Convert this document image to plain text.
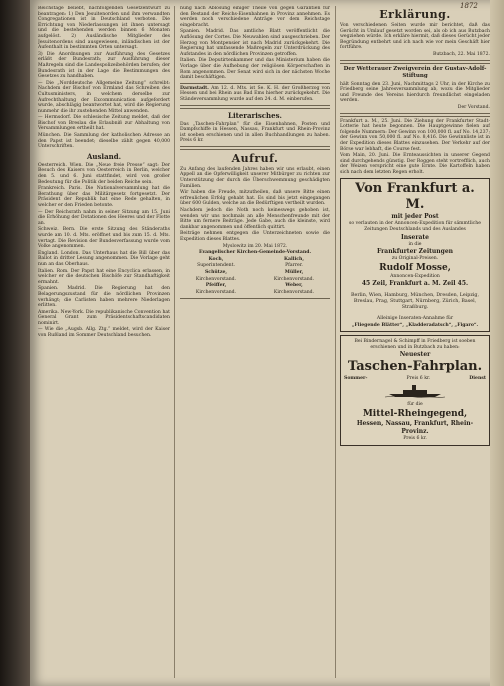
1872

Reichstage beliebt, nachfolgenden Gesetzentwurf zu beantragen: 1) Den Jesuitenorden und ihm verwandten Congregationen ist in Deutschland verboten. Die Errichtung von Niederlassungen ist ihnen untersagt und die bestehenden werden binnen 6 Monaten aufgelöst. 2) Ausländische Mitglieder des Jesuitenordens sind ausgewiesen, inländischen ist der Aufenthalt in bestimmten Orten untersagt.

3) Die Anordnungen zur Ausführung des Gesetzes erläßt der Bundesrath; zur Ausführung dieser Maßregeln sind die Landespolizeibehörden berufen; der Bundesrath ist in der Lage die Bestimmungen des Gesetzes zu handhaben.

— Die „Norddeutsche Allgemeine Zeitung“ schreibt: Nachdem der Bischof von Ermland das Schreiben des Cultusministers, in welchem derselbe zur Aufrechthaltung der Excommunication aufgefordert wurde, abschlägig beantwortet hat, wird die Regierung nunmehr die ihr zustehenden Mittel anwenden.

— Hermsdorf. Die schlesische Zeitung meldet, daß der Bischof von Breslau die Erlaubniß zur Abhaltung von Versammlungen ertheilt hat.

München. Die Sammlung der katholischen Adresse an den Papst ist beendet; dieselbe zählt gegen 40,000 Unterschriften.

Ausland.

Oesterreich. Wien. Die „Neue freie Presse“ sagt: Der Besuch des Kaisers von Oesterreich in Berlin, welcher den 5. und 6. Juni stattfindet, wird von großer Bedeutung für die Politik der beiden Reiche sein.

Frankreich. Paris. Die Nationalversammlung hat die Berathung über das Militärgesetz fortgesetzt. Der Präsident der Republik hat eine Rede gehalten, in welcher er den Frieden betonte.

— Der Reichsrath nahm in seiner Sitzung am 15. Juni die Erhöhung der Dotationen des Heeres und der Flotte an.

Schweiz. Bern. Die erste Sitzung des Ständeraths wurde am 10. d. Mts. eröffnet und bis zum 15. d. Mts. vertagt. Die Revision der Bundesverfassung wurde vom Volke angenommen.

England. London. Das Unterhaus hat die Bill über das Ballot in dritter Lesung angenommen. Die Vorlage geht nun an das Oberhaus.

Italien. Rom. Der Papst hat eine Encyclica erlassen, in welcher er die deutschen Bischöfe zur Standhaftigkeit ermahnt.

Spanien. Madrid. Die Regierung hat den Belagerungszustand für die nördlichen Provinzen verhängt; die Carlisten haben mehrere Niederlagen erlitten.

Amerika. New-York. Die republikanische Convention hat General Grant zum Präsidentschaftscandidaten nominirt.

— Wie die „Augsb. Allg. Ztg.“ meldet, wird der Kaiser von Rußland im Sommer Deutschland besuchen.

nung nach Ablösung einiger Theile von gegen Garantien für den Bestand der Reichs-Eisenbahnen in Provinz annehmen. Es werden noch verschiedene Anträge vor dem Reichstage eingebracht.

Spanien. Madrid. Das amtliche Blatt veröffentlicht die Auflösung der Cortes. Die Neuwahlen sind ausgeschrieben. Der Herzog von Montpensier ist nach Madrid zurückgekehrt. Die Regierung hat umfassende Maßregeln zur Unterdrückung des Aufstandes in den nördlichen Provinzen getroffen.

Italien. Die Deputirtenkammer und das Ministerium haben die Vorlage über die Aufhebung der religiösen Körperschaften in Rom angenommen. Der Senat wird sich in der nächsten Woche damit beschäftigen.

Darmstadt. Am 12. d. Mts. ist Se. K. H. der Großherzog von Hessen und bei Rhein aus Bad Ems hierher zurückgekehrt. Die Ständeversammlung wurde auf den 24. d. M. einberufen.

Literarisches.

Das „Taschen-Fahrplan“ für die Eisenbahnen, Posten und Dampfschiffe in Hessen, Nassau, Frankfurt und Rhein-Provinz ist soeben erschienen und in allen Buchhandlungen zu haben. Preis 6 kr.

Aufruf.

Zu Anfang des laufenden Jahres haben wir uns erlaubt, einen Appell an die Opferwilligkeit unserer Mitbürger zu richten zur Unterstützung der durch die Überschwemmung geschädigten Familien.

Wir haben die Freude, mitzutheilen, daß unsere Bitte einen erfreulichen Erfolg gehabt hat. Es sind bis jetzt eingegangen über 600 Gulden, welche an die Bedürftigen vertheilt wurden.

Nachdem jedoch die Noth noch keineswegs gehoben ist, wenden wir uns nochmals an alle Menschenfreunde mit der Bitte um fernere Beiträge. Jede Gabe, auch die kleinste, wird dankbar angenommen und öffentlich quittirt.

Beiträge nehmen entgegen die Unterzeichneten sowie die Expedition dieses Blattes.

Myslowitz im 20. Mai 1872.

Evangelischer Kirchen-Gemeinde-Vorstand.

Koch,
Superintendent.
Schütze,
Kirchenvorstand.
Pfeiffer,
Kirchenvorstand.
Kallich,
Pfarrer.
Müller,
Kirchenvorstand.
Weber,
Kirchenvorstand.
Erklärung.

Von verschiedenen Seiten wurde mir berichtet, daß das Gerücht in Umlauf gesetzt worden sei, als ob ich aus Butzbach wegziehen würde. Ich erkläre hiermit, daß dieses Gerücht jeder Begründung entbehrt und ich nach wie vor mein Geschäft hier fortführe.

Butzbach, 22. Mai 1872.

Der Wetterauer Zweigverein der Gustav-Adolf-Stiftung

hält Sonntag den 23. Juni, Nachmittags 2 Uhr, in der Kirche zu Friedberg seine Jahresversammlung ab, wozu die Mitglieder und Freunde des Vereins hierdurch freundlichst eingeladen werden.

Der Vorstand.

Frankfurt a. M., 25. Juni. Die Ziehung der Frankfurter Stadt-Lotterie hat heute begonnen. Die Hauptgewinne fielen auf folgende Nummern: Der Gewinn von 100,000 fl. auf No. 14,237; der Gewinn von 50,000 fl. auf No. 8,416. Die Gewinnliste ist in der Expedition dieses Blattes einzusehen. Der Verkehr auf der Börse war lebhaft, die Course fest.

Vom Main, 20. Juni. Die Ernteaussichten in unserer Gegend sind durchgehends günstig. Der Roggen steht vortrefflich, auch der Weizen verspricht eine gute Ernte. Die Kartoffeln haben sich nach dem letzten Regen erholt.

Von Frankfurt a. M.
mit jeder Post

so verlauten in der Annoncen-Expedition für sämmtliche Zeitungen Deutschlands und des Auslandes

Inserate

in die

Frankfurter Zeitungen

zu Original-Preisen.

Rudolf Mosse,

Annoncen-Expedition

45 Zeil, Frankfurt a. M. Zeil 45.

Berlin, Wien, Hamburg, München, Dresden, Leipzig, Breslau, Prag, Stuttgart, Nürnberg, Zürich, Basel, Straßburg.

Alleinige Inseraten-Annahme für

„Fliegende Blätter“, „Kladderadatsch“, „Figaro“.

Bei Bindernagel & Schimpff in Friedberg ist soeben erschienen und in Butzbach zu haben:

Neuester
Taschen-Fahrplan.
Sommer-	Preis 6 kr.	Dienst

für die

Mittel-Rheingegend,
Hessen, Nassau, Frankfurt, Rhein-Provinz.

Preis 6 kr.
